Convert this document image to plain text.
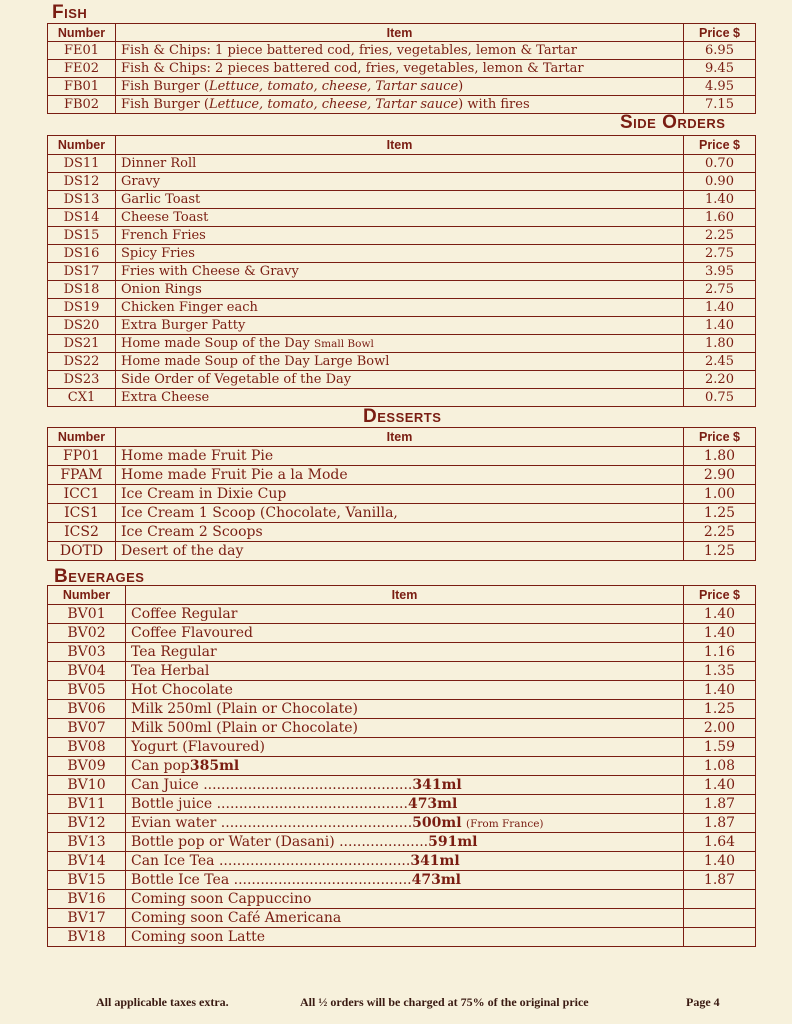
Fish
Number	Item	Price $
FE01	Fish & Chips: 1 piece battered cod, fries, vegetables, lemon & Tartar	6.95
FE02	Fish & Chips: 2 pieces battered cod, fries, vegetables, lemon & Tartar	9.45
FB01	Fish Burger (Lettuce, tomato, cheese, Tartar sauce)	4.95
FB02	Fish Burger (Lettuce, tomato, cheese, Tartar sauce) with fires	7.15
Side Orders
Number	Item	Price $
DS11	Dinner Roll	0.70
DS12	Gravy	0.90
DS13	Garlic Toast	1.40
DS14	Cheese Toast	1.60
DS15	French Fries	2.25
DS16	Spicy Fries	2.75
DS17	Fries with Cheese & Gravy	3.95
DS18	Onion Rings	2.75
DS19	Chicken Finger each	1.40
DS20	Extra Burger Patty	1.40
DS21	Home made Soup of the Day Small Bowl	1.80
DS22	Home made Soup of the Day Large Bowl	2.45
DS23	Side Order of Vegetable of the Day	2.20
CX1	Extra Cheese	0.75
Desserts
Number	Item	Price $
FP01	Home made Fruit Pie	1.80
FPAM	Home made Fruit Pie a la Mode	2.90
ICC1	Ice Cream in Dixie Cup	1.00
ICS1	Ice Cream 1 Scoop (Chocolate, Vanilla,	1.25
ICS2	Ice Cream 2 Scoops	2.25
DOTD	Desert of the day	1.25
Beverages
Number	Item	Price $
BV01	Coffee Regular	1.40
BV02	Coffee Flavoured	1.40
BV03	Tea Regular	1.16
BV04	Tea Herbal	1.35
BV05	Hot Chocolate	1.40
BV06	Milk 250ml (Plain or Chocolate)	1.25
BV07	Milk 500ml (Plain or Chocolate)	2.00
BV08	Yogurt (Flavoured)	1.59
BV09	Can pop385ml	1.08
BV10	Can Juice ...............................................341ml	1.40
BV11	Bottle juice ...........................................473ml	1.87
BV12	Evian water ...........................................500ml (From France)	1.87
BV13	Bottle pop or Water (Dasani) ....................591ml	1.64
BV14	Can Ice Tea ...........................................341ml	1.40
BV15	Bottle Ice Tea ........................................473ml	1.87
BV16	Coming soon Cappuccino	
BV17	Coming soon Café Americana	
BV18	Coming soon Latte	
All applicable taxes extra.	All ½ orders will be charged at 75% of the original price	Page 4
